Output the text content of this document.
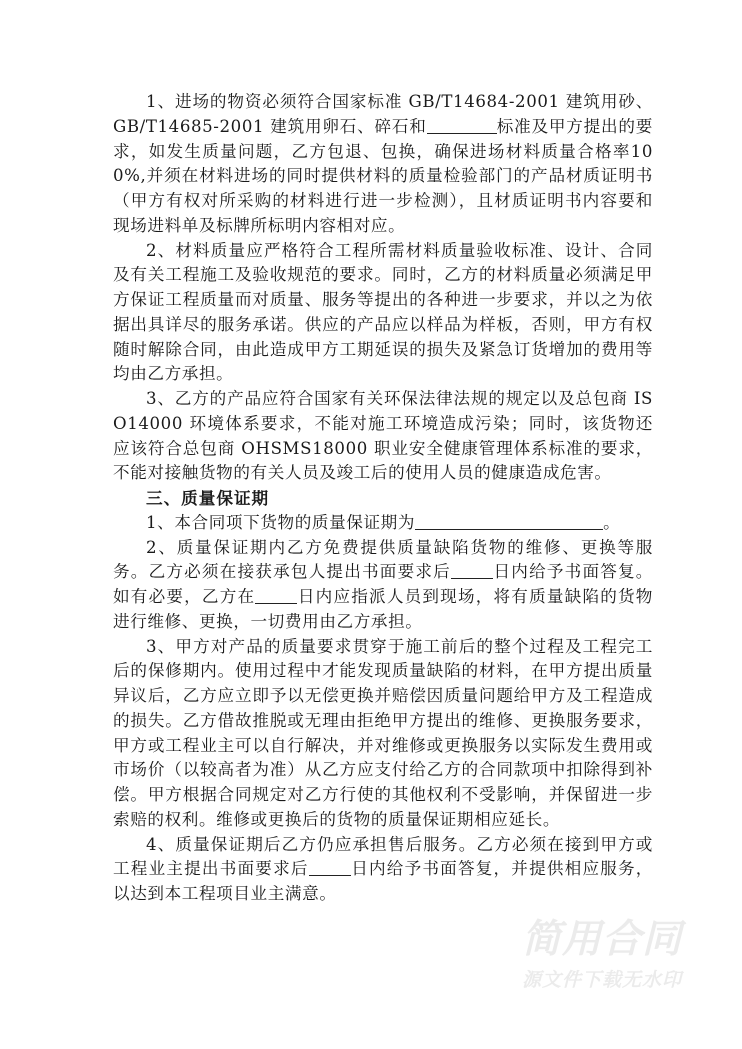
1、进场的物资必须符合国家标准 GB/T14684-2001 建筑用砂、GB/T14685-2001 建筑用卵石、碎石和	标准及甲方提出的要求，如发生质量问题，乙方包退、包换，确保进场材料质量合格率100%,并须在材料进场的同时提供材料的质量检验部门的产品材质证明书（甲方有权对所采购的材料进行进一步检测），且材质证明书内容要和现场进料单及标牌所标明内容相对应。

2、材料质量应严格符合工程所需材料质量验收标准、设计、合同及有关工程施工及验收规范的要求。同时，乙方的材料质量必须满足甲方保证工程质量而对质量、服务等提出的各种进一步要求，并以之为依据出具详尽的服务承诺。供应的产品应以样品为样板，否则，甲方有权随时解除合同，由此造成甲方工期延误的损失及紧急订货增加的费用等均由乙方承担。

3、乙方的产品应符合国家有关环保法律法规的规定以及总包商 ISO14000 环境体系要求，不能对施工环境造成污染；同时，该货物还应该符合总包商 OHSMS18000 职业安全健康管理体系标准的要求，不能对接触货物的有关人员及竣工后的使用人员的健康造成危害。

三、质量保证期

1、本合同项下货物的质量保证期为	。

2、质量保证期内乙方免费提供质量缺陷货物的维修、更换等服务。乙方必须在接获承包人提出书面要求后	日内给予书面答复。如有必要，乙方在	日内应指派人员到现场，将有质量缺陷的货物进行维修、更换，一切费用由乙方承担。

3、甲方对产品的质量要求贯穿于施工前后的整个过程及工程完工后的保修期内。使用过程中才能发现质量缺陷的材料，在甲方提出质量异议后，乙方应立即予以无偿更换并赔偿因质量问题给甲方及工程造成的损失。乙方借故推脱或无理由拒绝甲方提出的维修、更换服务要求，甲方或工程业主可以自行解决，并对维修或更换服务以实际发生费用或市场价（以较高者为准）从乙方应支付给乙方的合同款项中扣除得到补偿。甲方根据合同规定对乙方行使的其他权利不受影响，并保留进一步索赔的权利。维修或更换后的货物的质量保证期相应延长。

4、质量保证期后乙方仍应承担售后服务。乙方必须在接到甲方或工程业主提出书面要求后	日内给予书面答复，并提供相应服务，以达到本工程项目业主满意。

简用合同
源文件下载无水印
